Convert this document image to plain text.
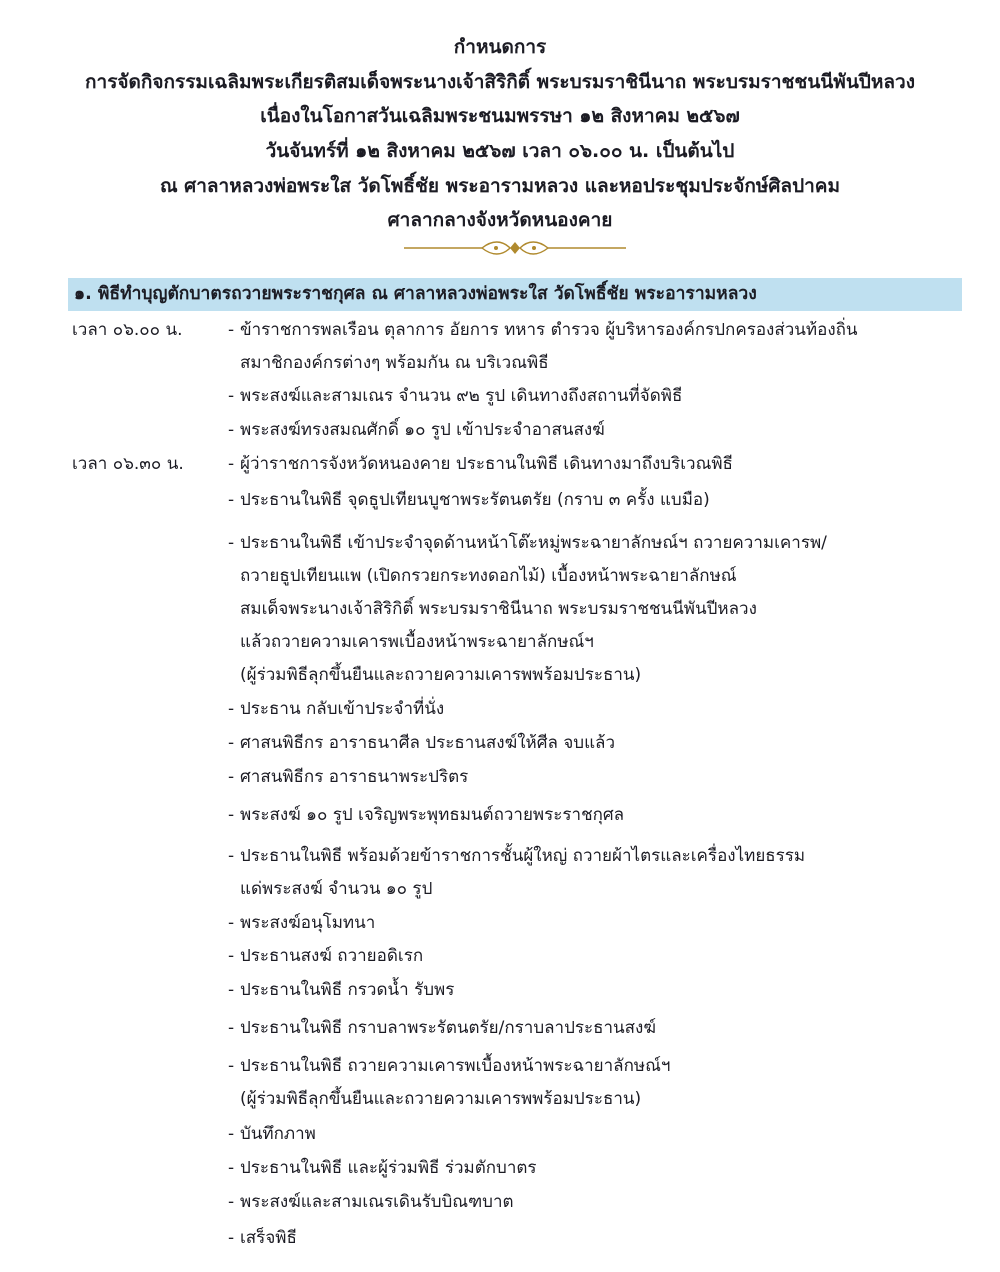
กำหนดการ
การจัดกิจกรรมเฉลิมพระเกียรติสมเด็จพระนางเจ้าสิริกิติ์ พระบรมราชินีนาถ พระบรมราชชนนีพันปีหลวง
เนื่องในโอกาสวันเฉลิมพระชนมพรรษา ๑๒ สิงหาคม ๒๕๖๗
วันจันทร์ที่ ๑๒ สิงหาคม ๒๕๖๗ เวลา ๐๖.๐๐ น. เป็นต้นไป
ณ ศาลาหลวงพ่อพระใส วัดโพธิ์ชัย พระอารามหลวง และหอประชุมประจักษ์ศิลปาคม
ศาลากลางจังหวัดหนองคาย
๑. พิธีทำบุญตักบาตรถวายพระราชกุศล ณ ศาลาหลวงพ่อพระใส วัดโพธิ์ชัย พระอารามหลวง
เวลา ๐๖.๐๐ น.
เวลา ๐๖.๓๐ น.
- ข้าราชการพลเรือน ตุลาการ อัยการ ทหาร ตำรวจ ผู้บริหารองค์กรปกครองส่วนท้องถิ่น
สมาชิกองค์กรต่างๆ พร้อมกัน ณ บริเวณพิธี
- พระสงฆ์และสามเณร จำนวน ๙๒ รูป เดินทางถึงสถานที่จัดพิธี
- พระสงฆ์ทรงสมณศักดิ์ ๑๐ รูป เข้าประจำอาสนสงฆ์
- ผู้ว่าราชการจังหวัดหนองคาย ประธานในพิธี เดินทางมาถึงบริเวณพิธี
- ประธานในพิธี จุดธูปเทียนบูชาพระรัตนตรัย (กราบ ๓ ครั้ง แบมือ)
- ประธานในพิธี เข้าประจำจุดด้านหน้าโต๊ะหมู่พระฉายาลักษณ์ฯ ถวายความเคารพ/
ถวายธูปเทียนแพ (เปิดกรวยกระทงดอกไม้) เบื้องหน้าพระฉายาลักษณ์
สมเด็จพระนางเจ้าสิริกิติ์ พระบรมราชินีนาถ พระบรมราชชนนีพันปีหลวง
แล้วถวายความเคารพเบื้องหน้าพระฉายาลักษณ์ฯ
(ผู้ร่วมพิธีลุกขึ้นยืนและถวายความเคารพพร้อมประธาน)
- ประธาน กลับเข้าประจำที่นั่ง
- ศาสนพิธีกร อาราธนาศีล ประธานสงฆ์ให้ศีล จบแล้ว
- ศาสนพิธีกร อาราธนาพระปริตร
- พระสงฆ์ ๑๐ รูป เจริญพระพุทธมนต์ถวายพระราชกุศล
- ประธานในพิธี พร้อมด้วยข้าราชการชั้นผู้ใหญ่ ถวายผ้าไตรและเครื่องไทยธรรม
แด่พระสงฆ์ จำนวน ๑๐ รูป
- พระสงฆ์อนุโมทนา
- ประธานสงฆ์ ถวายอดิเรก
- ประธานในพิธี กรวดน้ำ รับพร
- ประธานในพิธี กราบลาพระรัตนตรัย/กราบลาประธานสงฆ์
- ประธานในพิธี ถวายความเคารพเบื้องหน้าพระฉายาลักษณ์ฯ
(ผู้ร่วมพิธีลุกขึ้นยืนและถวายความเคารพพร้อมประธาน)
- บันทึกภาพ
- ประธานในพิธี และผู้ร่วมพิธี ร่วมตักบาตร
- พระสงฆ์และสามเณรเดินรับบิณฑบาต
- เสร็จพิธี
